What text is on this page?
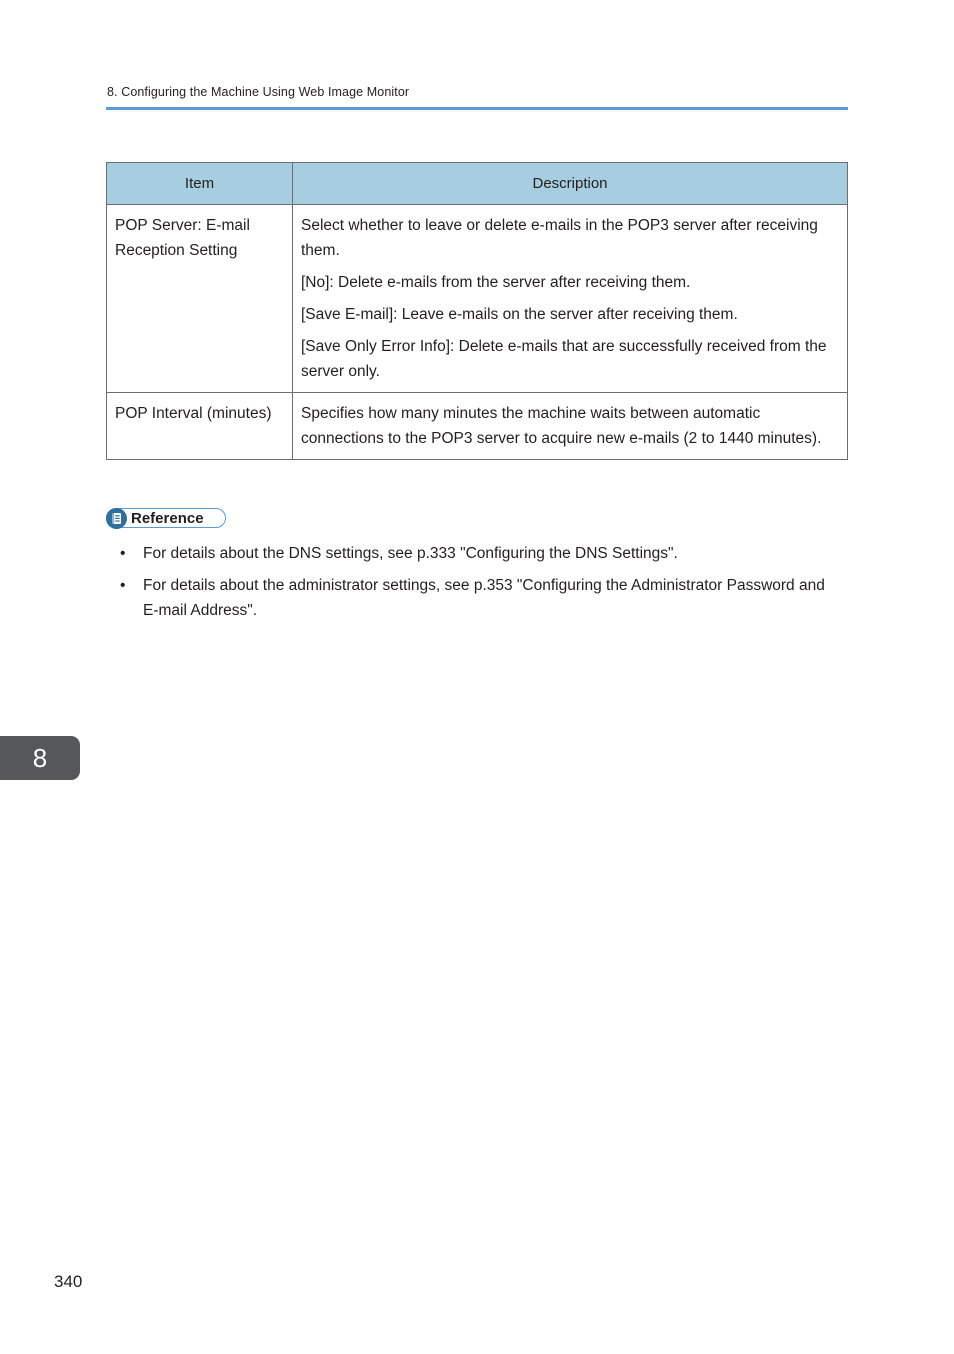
8. Configuring the Machine Using Web Image Monitor
Item	Description
POP Server: E-mail Reception Setting	Select whether to leave or delete e-mails in the POP3 server after receiving them.

[No]: Delete e-mails from the server after receiving them.

[Save E-mail]: Leave e-mails on the server after receiving them.

[Save Only Error Info]: Delete e-mails that are successfully received from the server only.

POP Interval (minutes)	Specifies how many minutes the machine waits between automatic connections to the POP3 server to acquire new e-mails (2 to 1440 minutes).

Reference
• For details about the DNS settings, see p.333 "Configuring the DNS Settings".
• For details about the administrator settings, see p.353 "Configuring the Administrator Password and E-mail Address".
8
340
